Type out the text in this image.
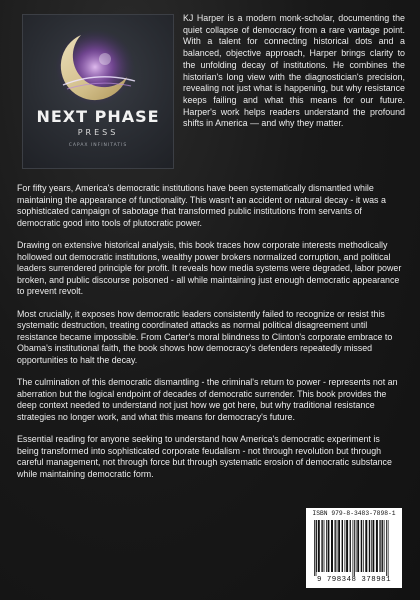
NEXT PHASE
PRESS
CAPAX INFINITATIS
KJ Harper is a modern monk-scholar, documenting the quiet collapse of democracy from a rare vantage point. With a talent for connecting historical dots and a balanced, objective approach, Harper brings clarity to the unfolding decay of institutions. He combines the historian's long view with the diagnostician's precision, revealing not just what is happening, but why resistance keeps failing and what this means for our future. Harper's work helps readers understand the profound shifts in America — and why they matter.

For fifty years, America's democratic institutions have been systematically dismantled while maintaining the appearance of functionality. This wasn't an accident or natural decay - it was a sophisticated campaign of sabotage that transformed public institutions from servants of democratic good into tools of plutocratic power.

Drawing on extensive historical analysis, this book traces how corporate interests methodically hollowed out democratic institutions, wealthy power brokers normalized corruption, and political leaders surrendered principle for profit. It reveals how media systems were degraded, labor power broken, and public discourse poisoned - all while maintaining just enough democratic appearance to prevent revolt.

Most crucially, it exposes how democratic leaders consistently failed to recognize or resist this systematic destruction, treating coordinated attacks as normal political disagreement until resistance became impossible. From Carter's moral blindness to Clinton's corporate embrace to Obama's institutional faith, the book shows how democracy's defenders repeatedly missed opportunities to halt the decay.

The culmination of this democratic dismantling - the criminal's return to power - represents not an aberration but the logical endpoint of decades of democratic surrender. This book provides the deep context needed to understand not just how we got here, but why traditional resistance strategies no longer work, and what this means for democracy's future.

Essential reading for anyone seeking to understand how America's democratic experiment is being transformed into sophisticated corporate feudalism - not through revolution but through careful management, not through force but through systematic erosion of democratic substance while maintaining democratic form.

ISBN 979-8-3483-7898-1
9 798348 378981
